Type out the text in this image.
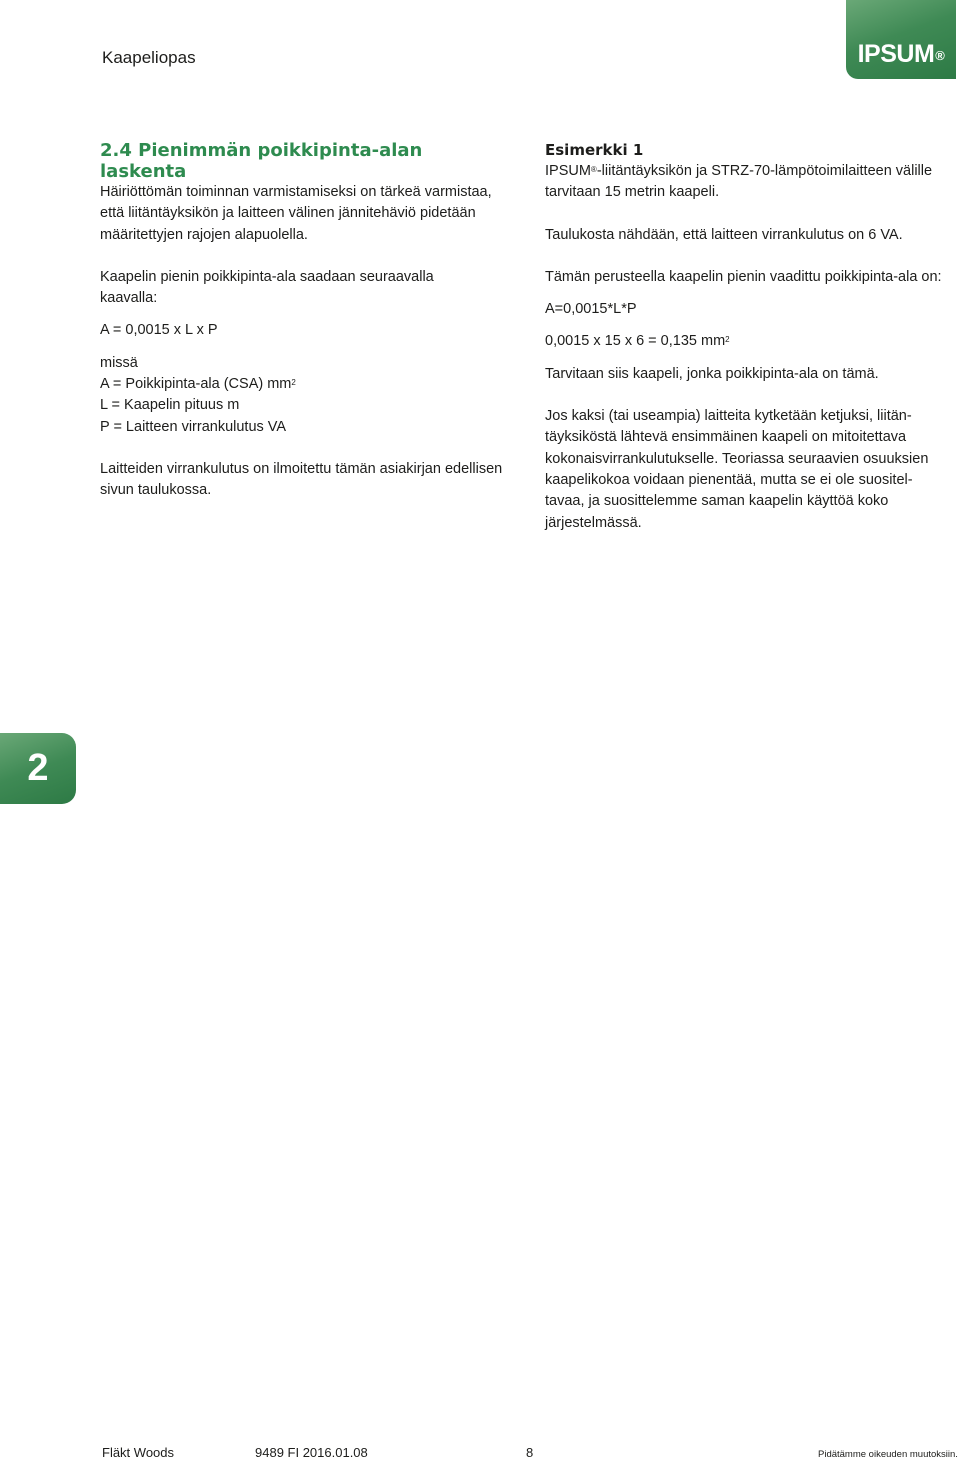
Kaapeliopas	IPSUM®
2.4 Pienimmän poikkipinta-alan
laskenta

Häiriöttömän toiminnan varmistamiseksi on tärkeä varmistaa,
että liitäntäyksikön ja laitteen välinen jännitehäviö pidetään
määritettyjen rajojen alapuolella.

Kaapelin pienin poikkipinta-ala saadaan seuraavalla
kaavalla:

A = 0,0015 x L x P

missä
A = Poikkipinta-ala (CSA) $mm^2$
L = Kaapelin pituus m
P = Laitteen virrankulutus VA

Laitteiden virrankulutus on ilmoitettu tämän asiakirjan edellisen
sivun taulukossa.

Esimerkki 1

IPSUM®-liitäntäyksikön ja STRZ-70-lämpötoimilaitteen välille
tarvitaan 15 metrin kaapeli.

Taulukosta nähdään, että laitteen virrankulutus on 6 VA.

Tämän perusteella kaapelin pienin vaadittu poikkipinta-ala on:

A=0,0015*L*P

0,0015 x 15 x 6 = 0,135 $mm^2$

Tarvitaan siis kaapeli, jonka poikkipinta-ala on tämä.

Jos kaksi (tai useampia) laitteita kytketään ketjuksi, liitän-
täyksiköstä lähtevä ensimmäinen kaapeli on mitoitettava
kokonaisvirrankulutukselle. Teoriassa seuraavien osuuksien
kaapelikokoa voidaan pienentää, mutta se ei ole suositel-
tavaa, ja suosittelemme saman kaapelin käyttöä koko
järjestelmässä.

2
Fläkt Woods	9489 FI 2016.01.08	8	Pidätämme oikeuden muutoksiin.
